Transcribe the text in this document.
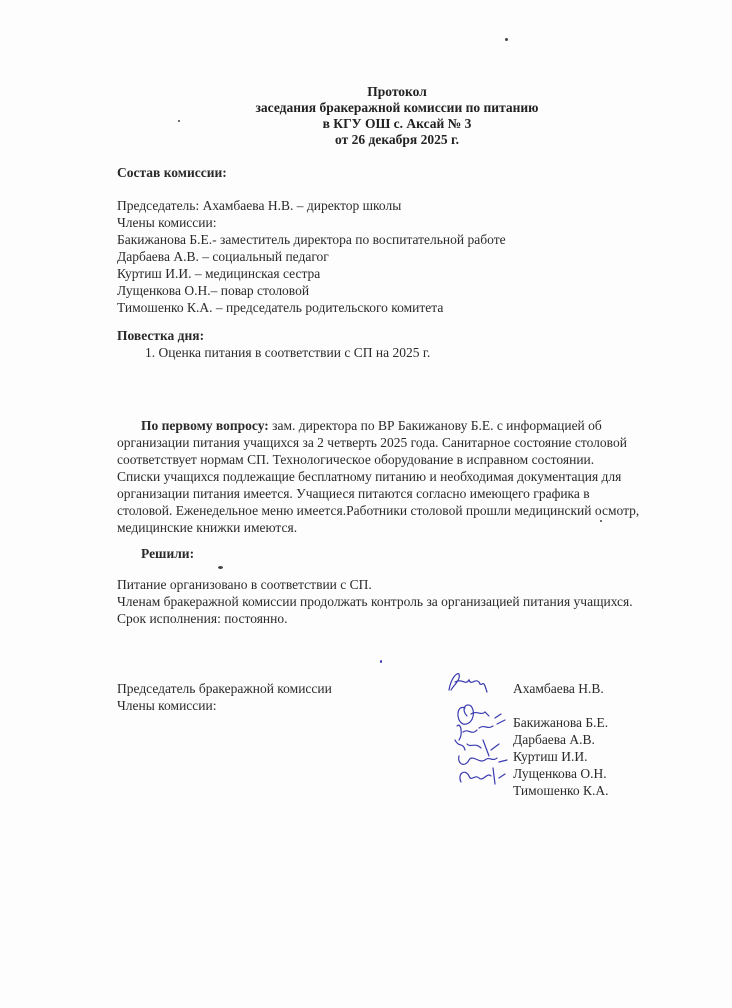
Протокол
заседания бракеражной комиссии по питанию
в КГУ ОШ с. Аксай № 3
от 26 декабря 2025 г.
Состав комиссии:
Председатель: Ахамбаева Н.В. – директор школы
Члены комиссии:
Бакижанова Б.Е.- заместитель директора по воспитательной работе
Дарбаева А.В. – социальный педагог
Куртиш И.И. – медицинская сестра
Лущенкова О.Н.– повар столовой
Тимошенко К.А. – председатель родительского комитета
Повестка дня:
1. Оценка питания в соответствии с СП на 2025 г.
По первому вопросу: зам. директора по ВР Бакижанову Б.Е. с информацией об
организации питания учащихся за 2 четверть 2025 года. Санитарное состояние столовой
соответствует нормам СП. Технологическое оборудование в исправном состоянии.
Списки учащихся подлежащие бесплатному питанию и необходимая документация для
организации питания имеется. Учащиеся питаются согласно имеющего графика в
столовой. Еженедельное меню имеется.Работники столовой прошли медицинский осмотр,
медицинские книжки имеются.
Решили:
Питание организовано в соответствии с СП.
Членам бракеражной комиссии продолжать контроль за организацией питания учащихся.
Срок исполнения: постоянно.
Председатель бракеражной комиссии
Члены комиссии:
Ахамбаева Н.В.
Бакижанова Б.Е.
Дарбаева А.В.
Куртиш И.И.
Лущенкова О.Н.
Тимошенко К.А.
